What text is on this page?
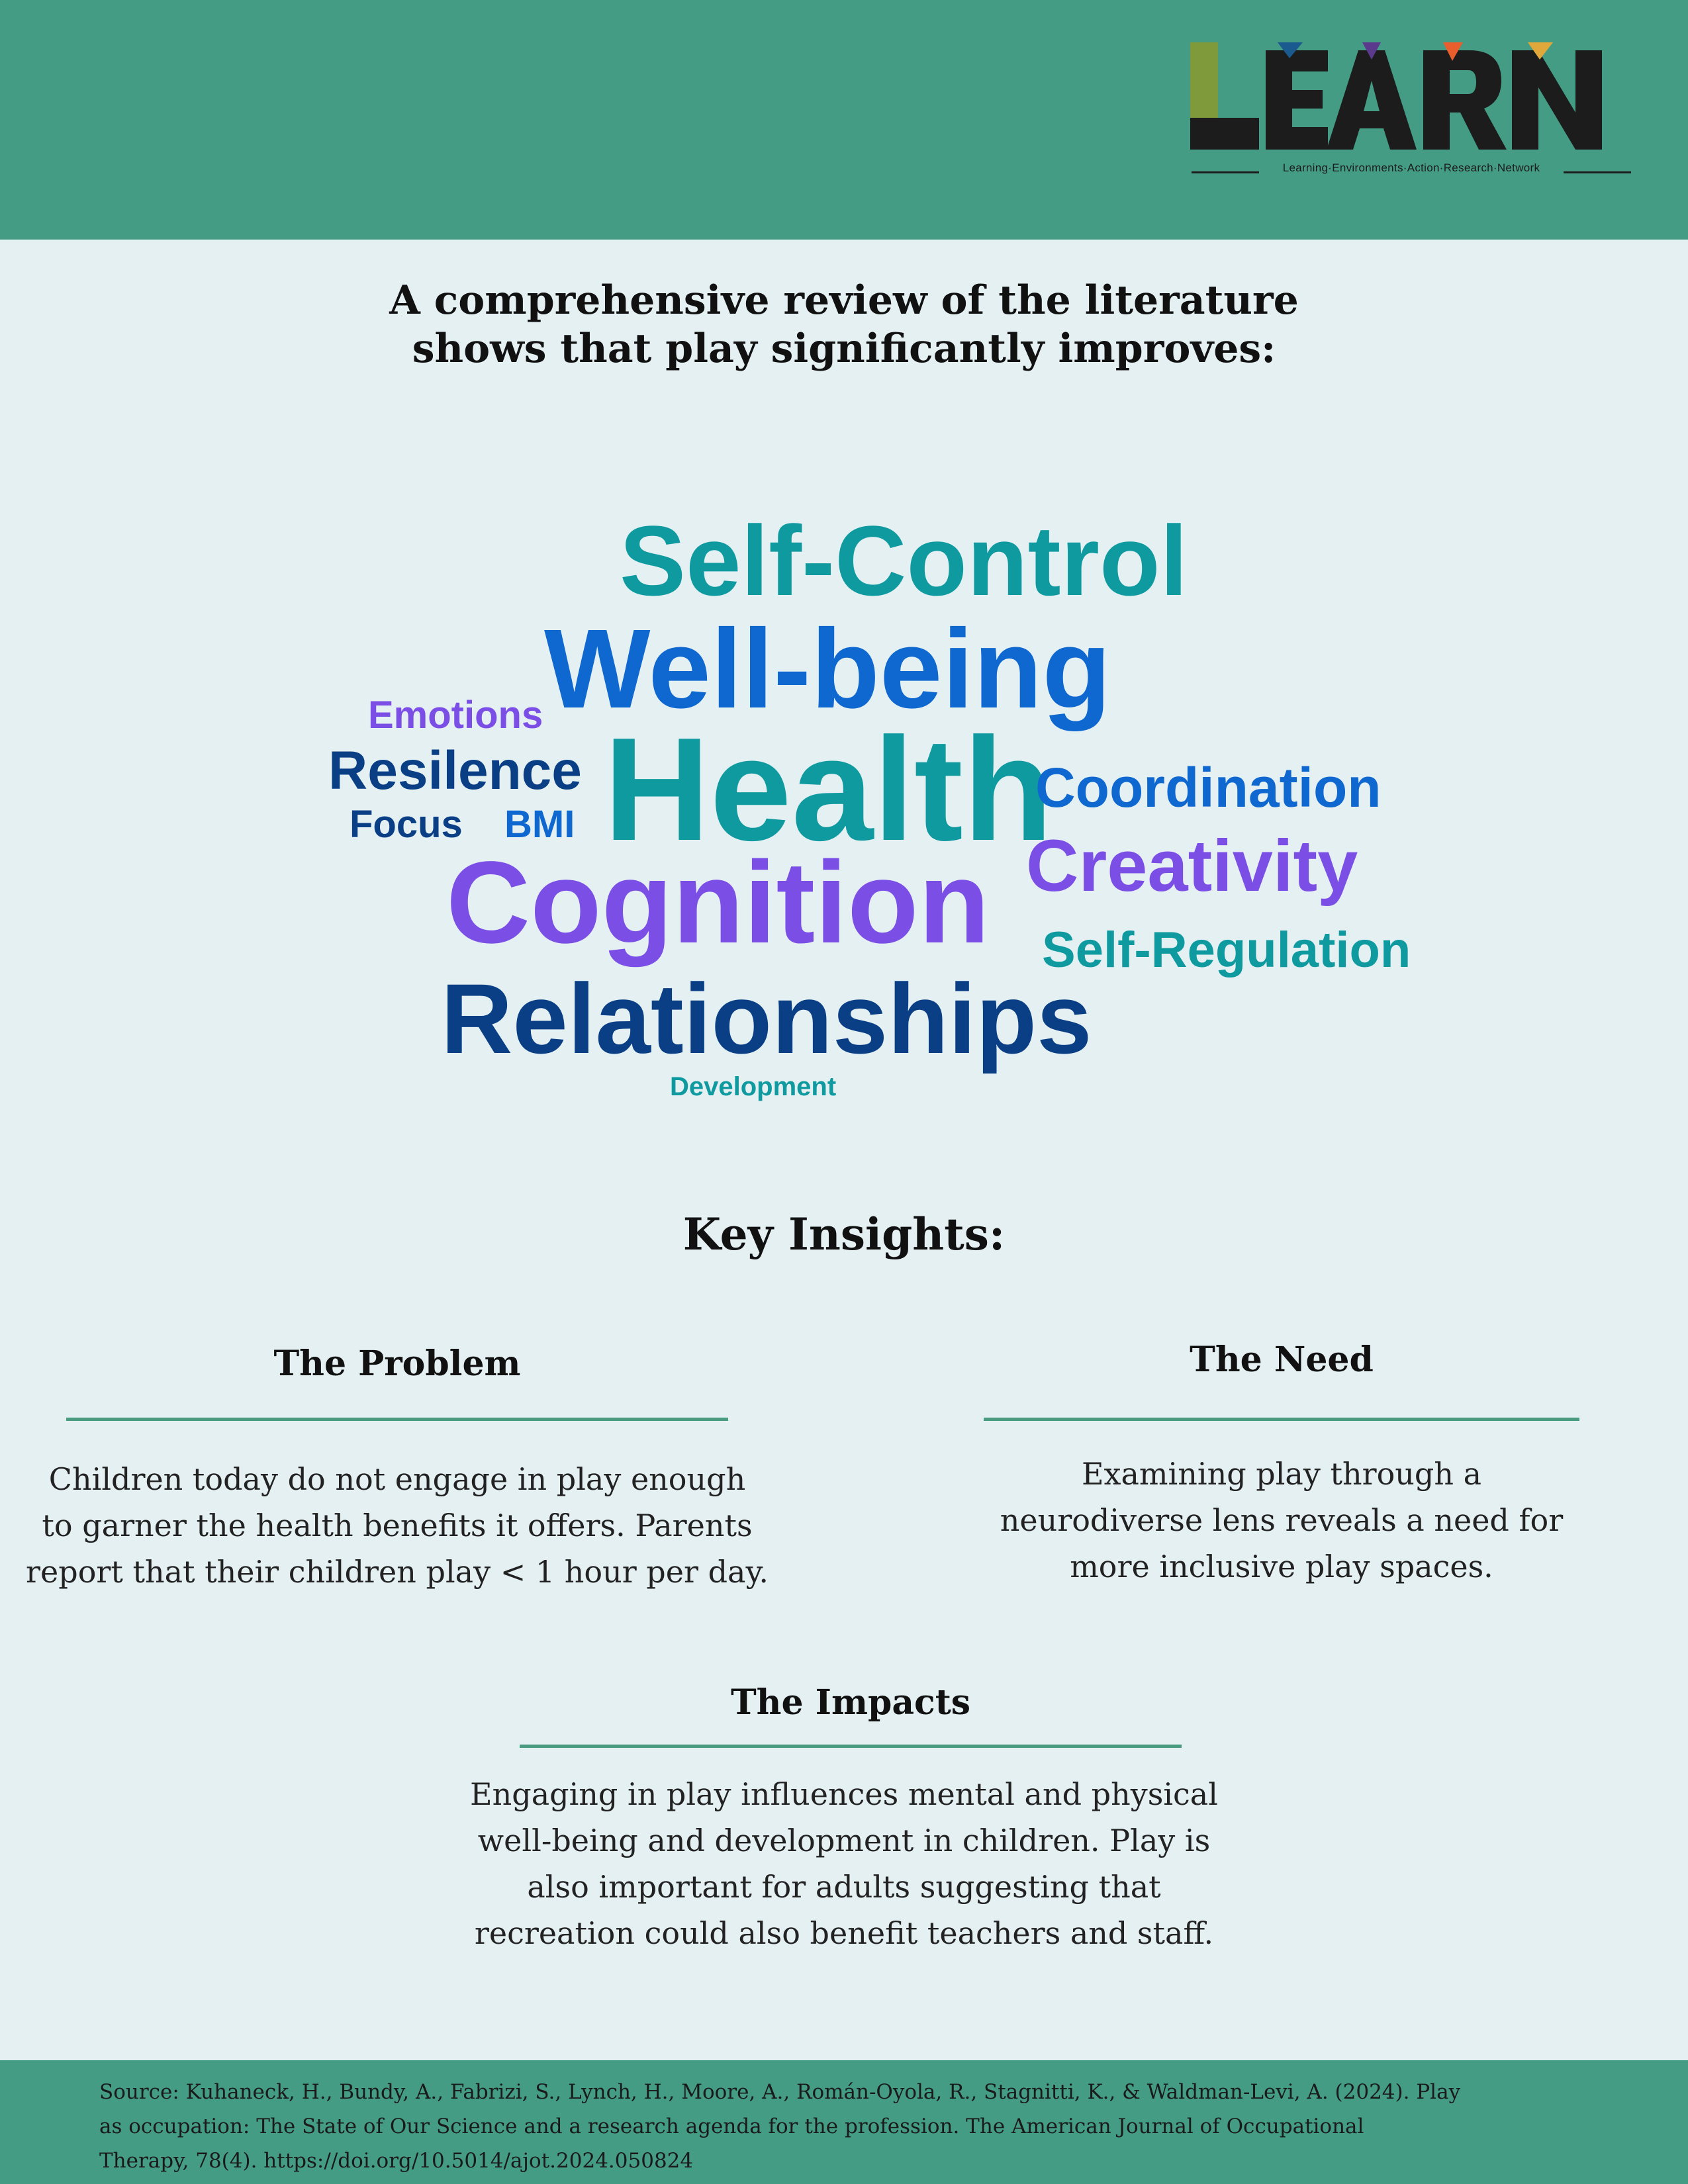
Learning·Environments·Action·Research·Network
A comprehensive review of the literature
shows that play significantly improves:
Self-Control
Well-being
Emotions
Resilence Health
Coordination
Focus BMI
Creativity
Cognition Self-Regulation
Relationships
Development
Key Insights:
The Problem
Children today do not engage in play enough
to garner the health benefits it offers. Parents
report that their children play < 1 hour per day.
The Need
Examining play through a
neurodiverse lens reveals a need for
more inclusive play spaces.
The Impacts
Engaging in play influences mental and physical
well-being and development in children. Play is
also important for adults suggesting that
recreation could also benefit teachers and staff.
Source: Kuhaneck, H., Bundy, A., Fabrizi, S., Lynch, H., Moore, A., Román-Oyola, R., Stagnitti, K., & Waldman-Levi, A. (2024). Play
as occupation: The State of Our Science and a research agenda for the profession. The American Journal of Occupational
Therapy, 78(4). https://doi.org/10.5014/ajot.2024.050824
